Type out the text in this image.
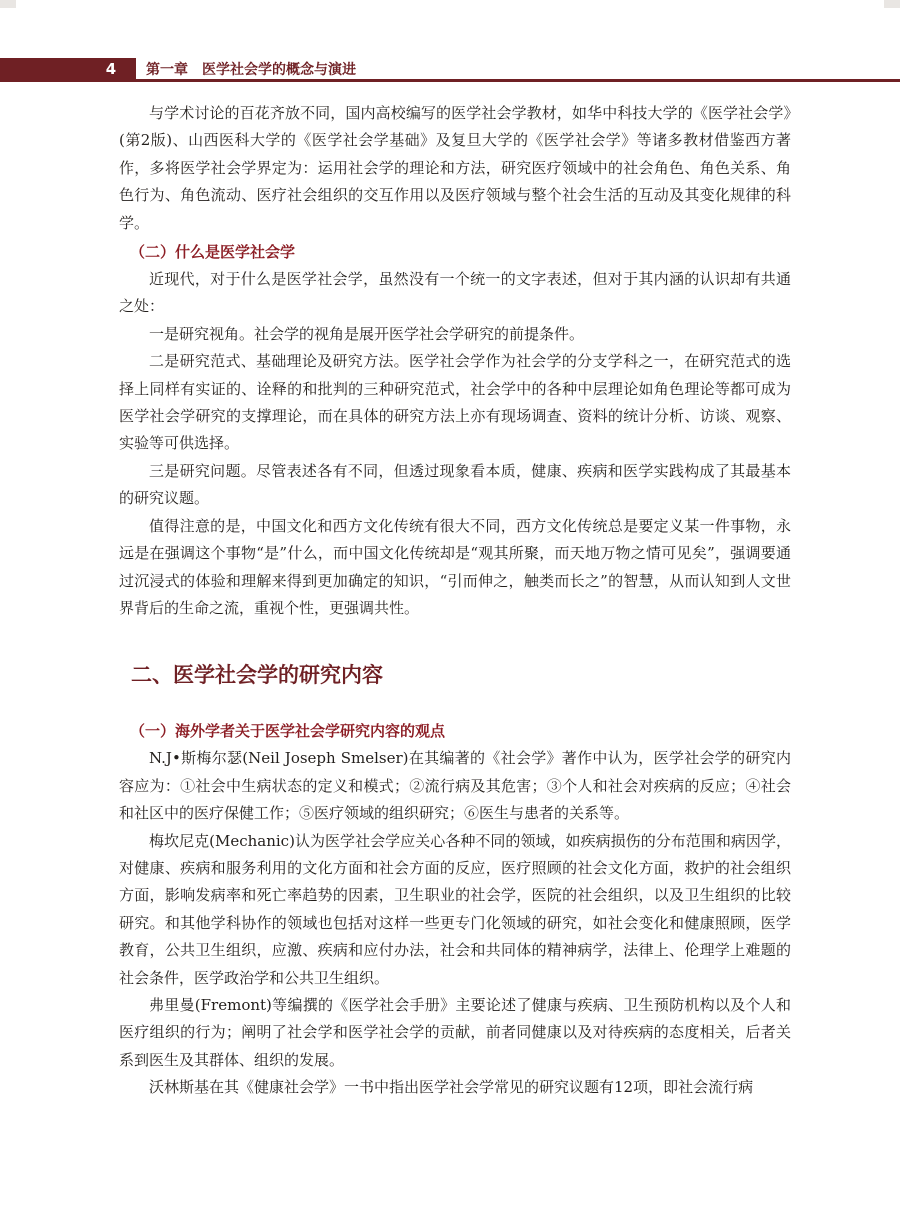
4	第一章　医学社会学的概念与演进

与学术讨论的百花齐放不同，国内高校编写的医学社会学教材，如华中科技大学的《医学社会学》(第2版)、山西医科大学的《医学社会学基础》及复旦大学的《医学社会学》等诸多教材借鉴西方著作，多将医学社会学界定为：运用社会学的理论和方法，研究医疗领域中的社会角色、角色关系、角色行为、角色流动、医疗社会组织的交互作用以及医疗领域与整个社会生活的互动及其变化规律的科学。

（二）什么是医学社会学

近现代，对于什么是医学社会学，虽然没有一个统一的文字表述，但对于其内涵的认识却有共通之处：

一是研究视角。社会学的视角是展开医学社会学研究的前提条件。

二是研究范式、基础理论及研究方法。医学社会学作为社会学的分支学科之一，在研究范式的选择上同样有实证的、诠释的和批判的三种研究范式，社会学中的各种中层理论如角色理论等都可成为医学社会学研究的支撑理论，而在具体的研究方法上亦有现场调查、资料的统计分析、访谈、观察、实验等可供选择。

三是研究问题。尽管表述各有不同，但透过现象看本质，健康、疾病和医学实践构成了其最基本的研究议题。

值得注意的是，中国文化和西方文化传统有很大不同，西方文化传统总是要定义某一件事物，永远是在强调这个事物“是”什么，而中国文化传统却是“观其所聚，而天地万物之情可见矣”，强调要通过沉浸式的体验和理解来得到更加确定的知识，“引而伸之，触类而长之”的智慧，从而认知到人文世界背后的生命之流，重视个性，更强调共性。

二、医学社会学的研究内容
（一）海外学者关于医学社会学研究内容的观点

N.J•斯梅尔瑟(Neil Joseph Smelser)在其编著的《社会学》著作中认为，医学社会学的研究内容应为：①社会中生病状态的定义和模式；②流行病及其危害；③个人和社会对疾病的反应；④社会和社区中的医疗保健工作；⑤医疗领域的组织研究；⑥医生与患者的关系等。

梅坎尼克(Mechanic)认为医学社会学应关心各种不同的领域，如疾病损伤的分布范围和病因学，对健康、疾病和服务利用的文化方面和社会方面的反应，医疗照顾的社会文化方面，救护的社会组织方面，影响发病率和死亡率趋势的因素，卫生职业的社会学，医院的社会组织，以及卫生组织的比较研究。和其他学科协作的领域也包括对这样一些更专门化领域的研究，如社会变化和健康照顾，医学教育，公共卫生组织，应激、疾病和应付办法，社会和共同体的精神病学，法律上、伦理学上难题的社会条件，医学政治学和公共卫生组织。

弗里曼(Fremont)等编撰的《医学社会手册》主要论述了健康与疾病、卫生预防机构以及个人和医疗组织的行为；阐明了社会学和医学社会学的贡献，前者同健康以及对待疾病的态度相关，后者关系到医生及其群体、组织的发展。

沃林斯基在其《健康社会学》一书中指出医学社会学常见的研究议题有12项，即社会流行病
